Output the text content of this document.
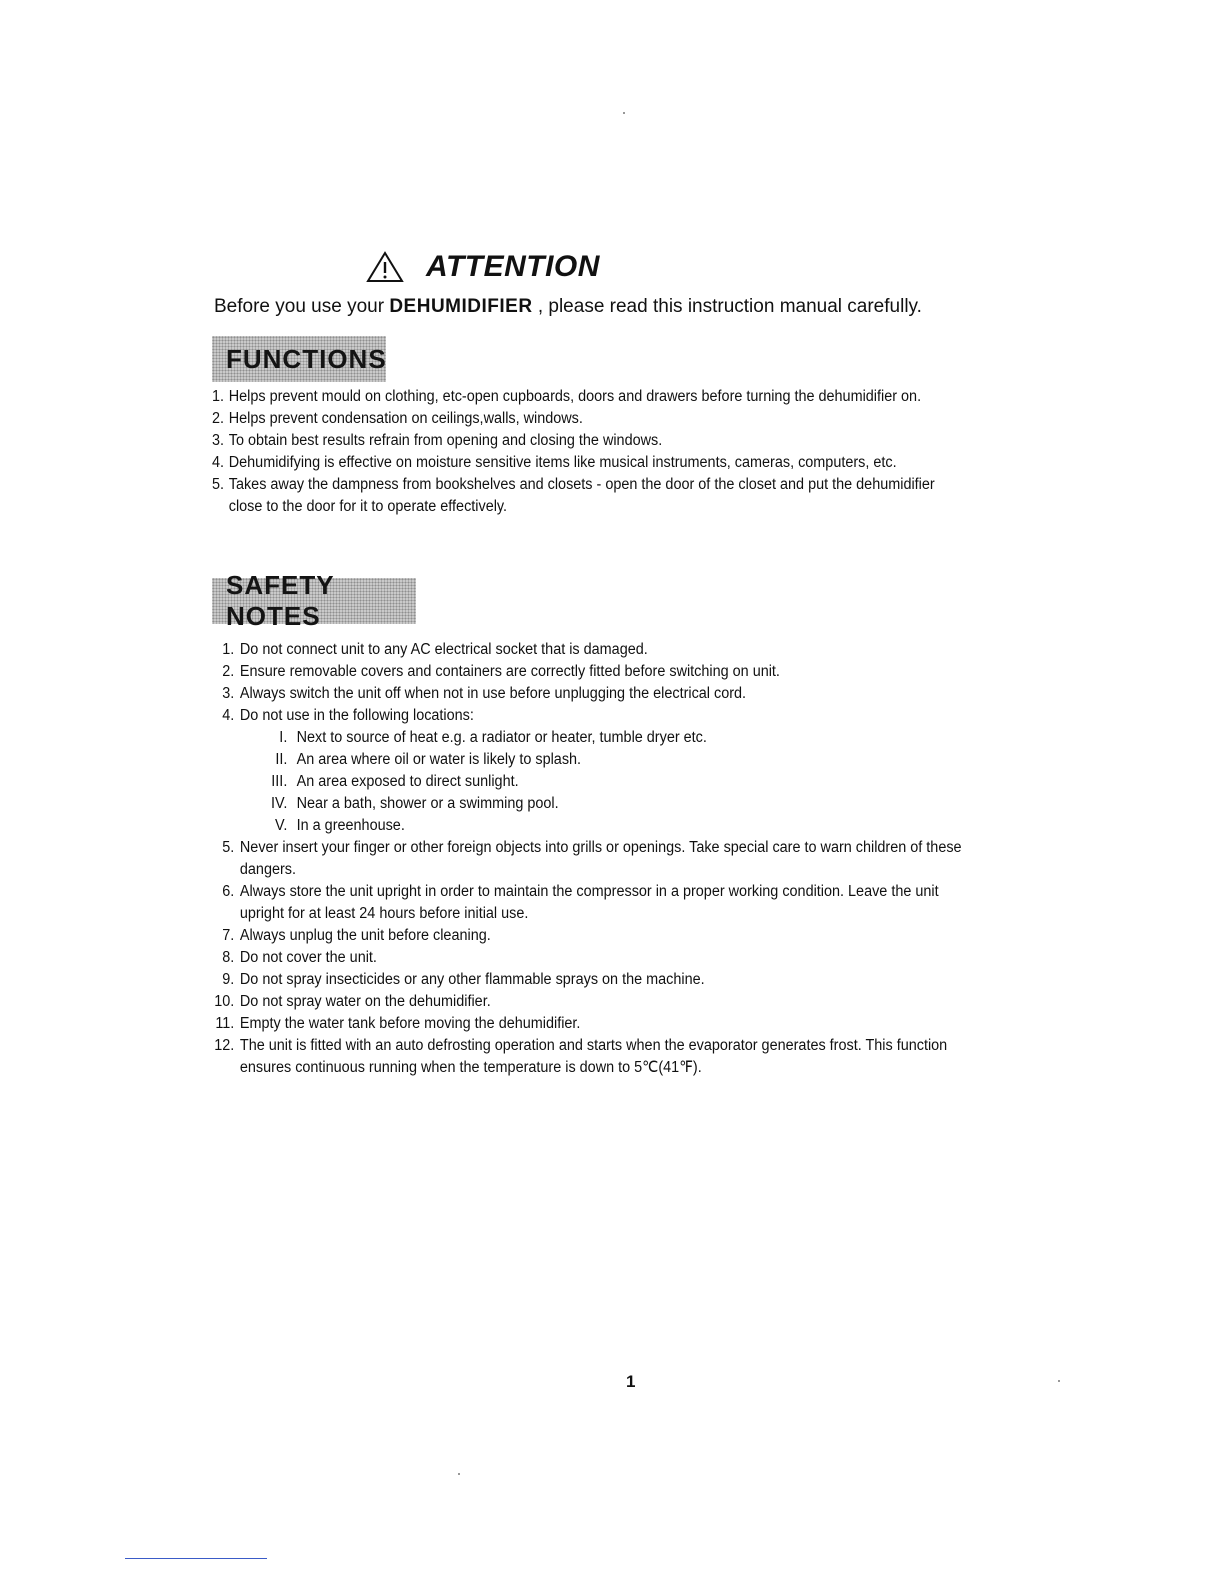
ATTENTION
Before you use your DEHUMIDIFIER , please read this instruction manual carefully.
FUNCTIONS
1. Helps prevent mould on clothing, etc-open cupboards, doors and drawers before turning the dehumidifier on.
2. Helps prevent condensation on ceilings,walls, windows.
3. To obtain best results refrain from opening and closing the windows.
4. Dehumidifying is effective on moisture sensitive items like musical instruments, cameras, computers, etc.
5. Takes away the dampness from bookshelves and closets - open the door of the closet and put the dehumidifier close to the door for it to operate effectively.
SAFETY NOTES
1. Do not connect unit to any AC electrical socket that is damaged.
2. Ensure removable covers and containers are correctly fitted before switching on unit.
3. Always switch the unit off when not in use before unplugging the electrical cord.
4. Do not use in the following locations:
I. Next to source of heat e.g. a radiator or heater, tumble dryer etc.
II. An area where oil or water is likely to splash.
III. An area exposed to direct sunlight.
IV. Near a bath, shower or a swimming pool.
V. In a greenhouse.
5. Never insert your finger or other foreign objects into grills or openings. Take special care to warn children of these dangers.
6. Always store the unit upright in order to maintain the compressor in a proper working condition. Leave the unit upright for at least 24 hours before initial use.
7. Always unplug the unit before cleaning.
8. Do not cover the unit.
9. Do not spray insecticides or any other flammable sprays on the machine.
10. Do not spray water on the dehumidifier.
11. Empty the water tank before moving the dehumidifier.
12. The unit is fitted with an auto defrosting operation and starts when the evaporator generates frost. This function ensures continuous running when the temperature is down to 5℃(41℉).
1
